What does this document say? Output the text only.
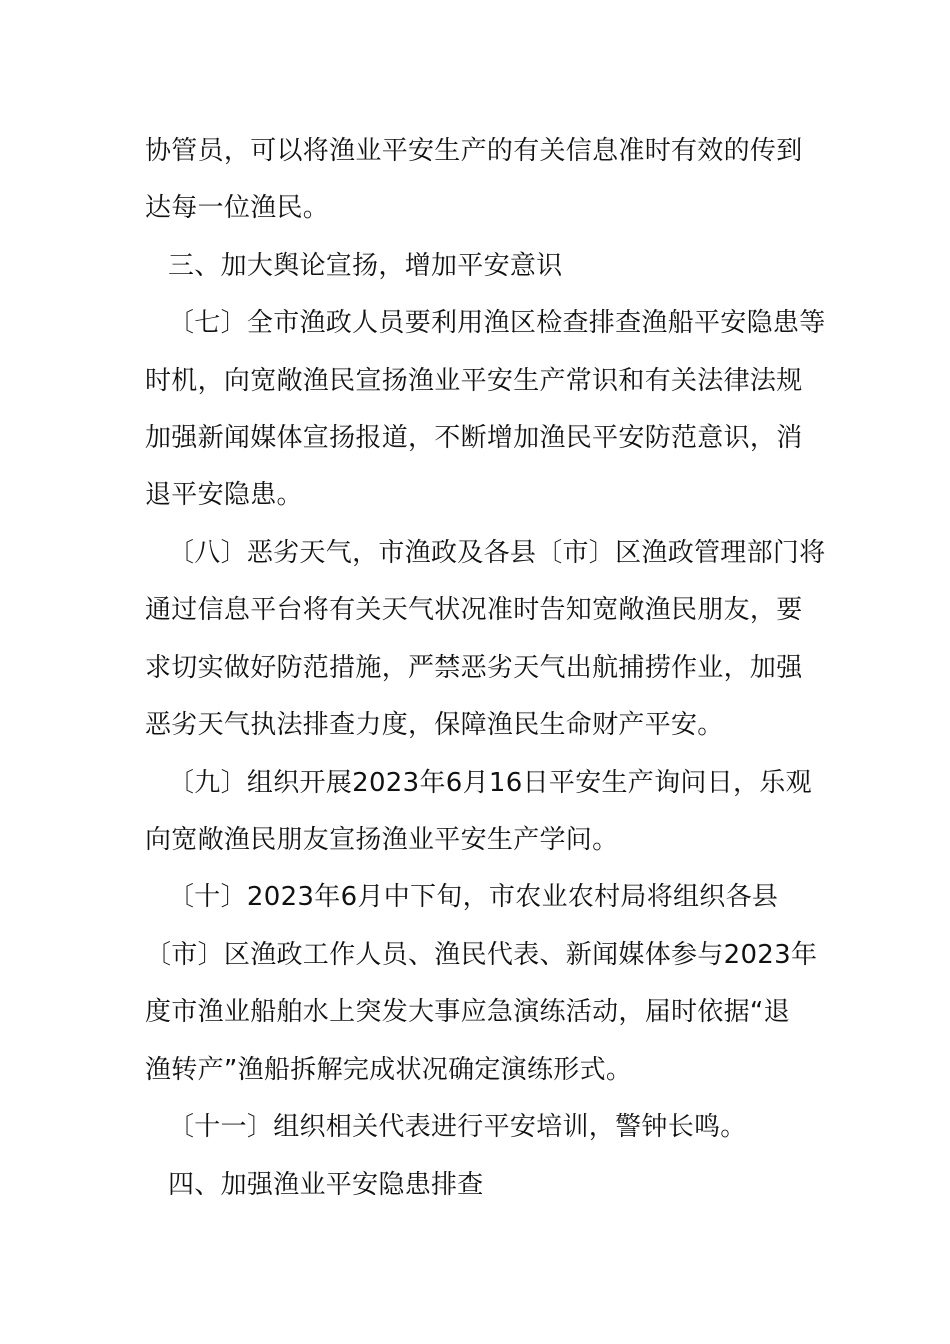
协管员，可以将渔业平安生产的有关信息准时有效的传到
达每一位渔民。
三、加大舆论宣扬，增加平安意识
〔七〕全市渔政人员要利用渔区检查排查渔船平安隐患等
时机，向宽敞渔民宣扬渔业平安生产常识和有关法律法规
加强新闻媒体宣扬报道，不断增加渔民平安防范意识，消
退平安隐患。
〔八〕恶劣天气，市渔政及各县〔市〕区渔政管理部门将
通过信息平台将有关天气状况准时告知宽敞渔民朋友，要
求切实做好防范措施，严禁恶劣天气出航捕捞作业，加强
恶劣天气执法排查力度，保障渔民生命财产平安。
〔九〕组织开展2023年6月16日平安生产询问日，乐观
向宽敞渔民朋友宣扬渔业平安生产学问。
〔十〕2023年6月中下旬，市农业农村局将组织各县
〔市〕区渔政工作人员、渔民代表、新闻媒体参与2023年
度市渔业船舶水上突发大事应急演练活动，届时依据“退
渔转产”渔船拆解完成状况确定演练形式。
〔十一〕组织相关代表进行平安培训，警钟长鸣。
四、加强渔业平安隐患排查
